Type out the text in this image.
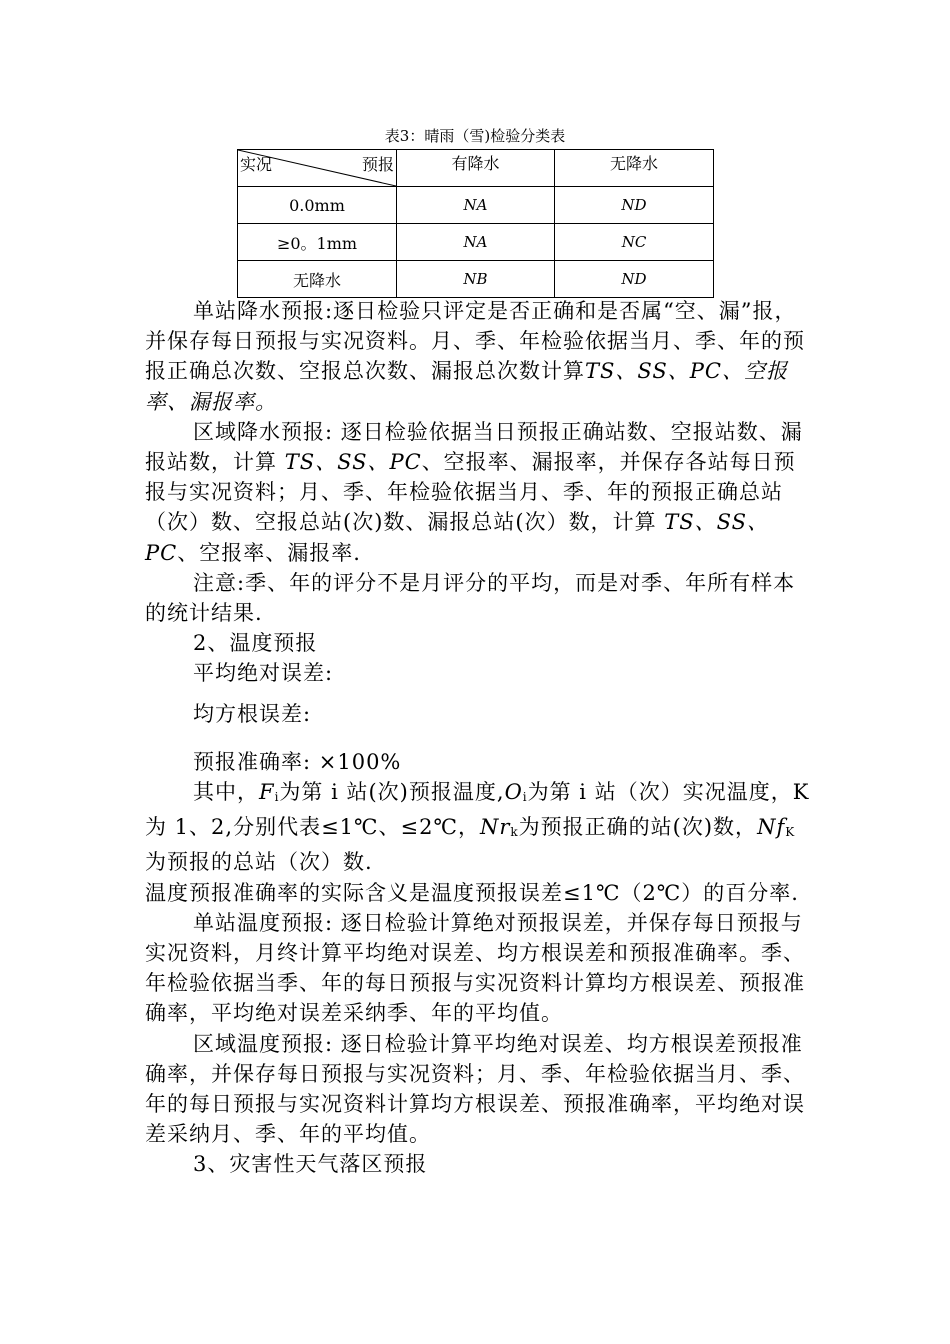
表3：晴雨（雪)检验分类表
实况 预报	有降水	无降水
0.0mm	NA	ND
≥0。1mm	NA	NC
无降水	NB	ND

单站降水预报:逐日检验只评定是否正确和是否属“空、漏”报，并保存每日预报与实况资料。月、季、年检验依据当月、季、年的预报正确总次数、空报总次数、漏报总次数计算TS、SS、PC、空报率、漏报率。

区域降水预报: 逐日检验依据当日预报正确站数、空报站数、漏报站数，计算 TS、SS、PC、空报率、漏报率，并保存各站每日预报与实况资料；月、季、年检验依据当月、季、年的预报正确总站（次）数、空报总站(次)数、漏报总站(次）数，计算 TS、SS、PC、空报率、漏报率.

注意:季、年的评分不是月评分的平均，而是对季、年所有样本的统计结果.

2、温度预报

平均绝对误差:

均方根误差:

预报准确率: ×100%

其中，Fi为第 i 站(次)预报温度,Oi为第 i 站（次）实况温度，K 为 1、2,分别代表≤1℃、≤2℃，Nrk为预报正确的站(次)数，NfK为预报的总站（次）数.

温度预报准确率的实际含义是温度预报误差≤1℃（2℃）的百分率.

单站温度预报: 逐日检验计算绝对预报误差，并保存每日预报与实况资料，月终计算平均绝对误差、均方根误差和预报准确率。季、年检验依据当季、年的每日预报与实况资料计算均方根误差、预报准确率，平均绝对误差采纳季、年的平均值。

区域温度预报: 逐日检验计算平均绝对误差、均方根误差预报准确率，并保存每日预报与实况资料；月、季、年检验依据当月、季、年的每日预报与实况资料计算均方根误差、预报准确率，平均绝对误差采纳月、季、年的平均值。

3、灾害性天气落区预报
